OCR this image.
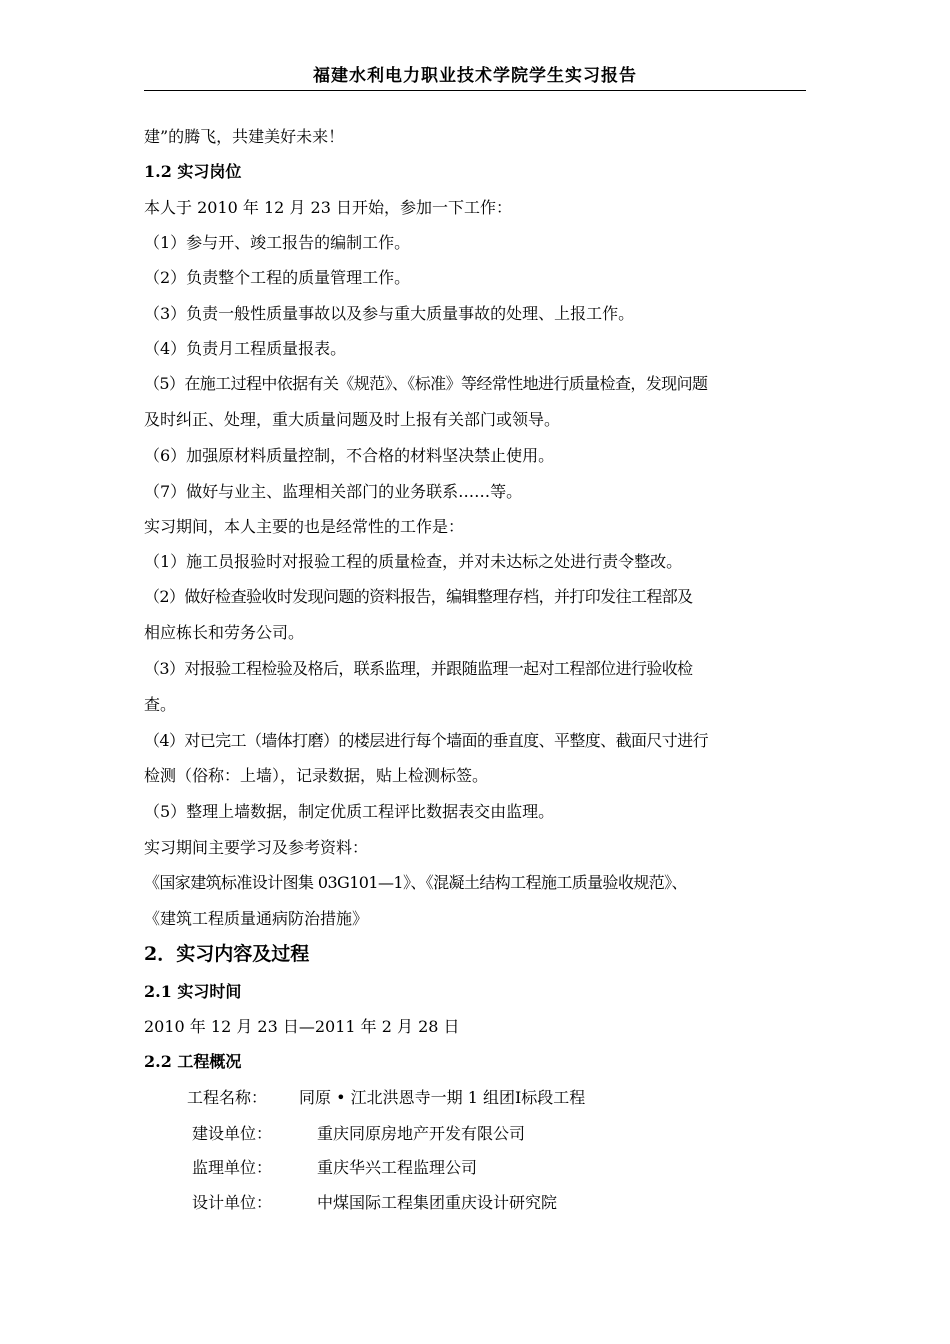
福建水利电力职业技术学院学生实习报告
建”的腾飞，共建美好未来！
1.2 实习岗位
本人于 2010 年 12 月 23 日开始，参加一下工作：
（1）参与开、竣工报告的编制工作。
（2）负责整个工程的质量管理工作。
（3）负责一般性质量事故以及参与重大质量事故的处理、上报工作。
（4）负责月工程质量报表。
（5）在施工过程中依据有关《规范》、《标准》等经常性地进行质量检查，发现问题
及时纠正、处理，重大质量问题及时上报有关部门或领导。
（6）加强原材料质量控制，不合格的材料坚决禁止使用。
（7）做好与业主、监理相关部门的业务联系……等。
实习期间，本人主要的也是经常性的工作是：
（1）施工员报验时对报验工程的质量检查，并对未达标之处进行责令整改。
（2）做好检查验收时发现问题的资料报告，编辑整理存档，并打印发往工程部及
相应栋长和劳务公司。
（3）对报验工程检验及格后，联系监理，并跟随监理一起对工程部位进行验收检
查。
（4）对已完工（墙体打磨）的楼层进行每个墙面的垂直度、平整度、截面尺寸进行
检测（俗称：上墙），记录数据，贴上检测标签。
（5）整理上墙数据，制定优质工程评比数据表交由监理。
实习期间主要学习及参考资料：
《国家建筑标准设计图集 03G101—1》、《混凝土结构工程施工质量验收规范》、
《建筑工程质量通病防治措施》
2．实习内容及过程
2.1 实习时间
2010 年 12 月 23 日—2011 年 2 月 28 日
2.2 工程概况
工程名称： 同原 • 江北洪恩寺一期 1 组团Ⅰ标段工程
建设单位：	重庆同原房地产开发有限公司
监理单位：	重庆华兴工程监理公司
设计单位：	中煤国际工程集团重庆设计研究院
